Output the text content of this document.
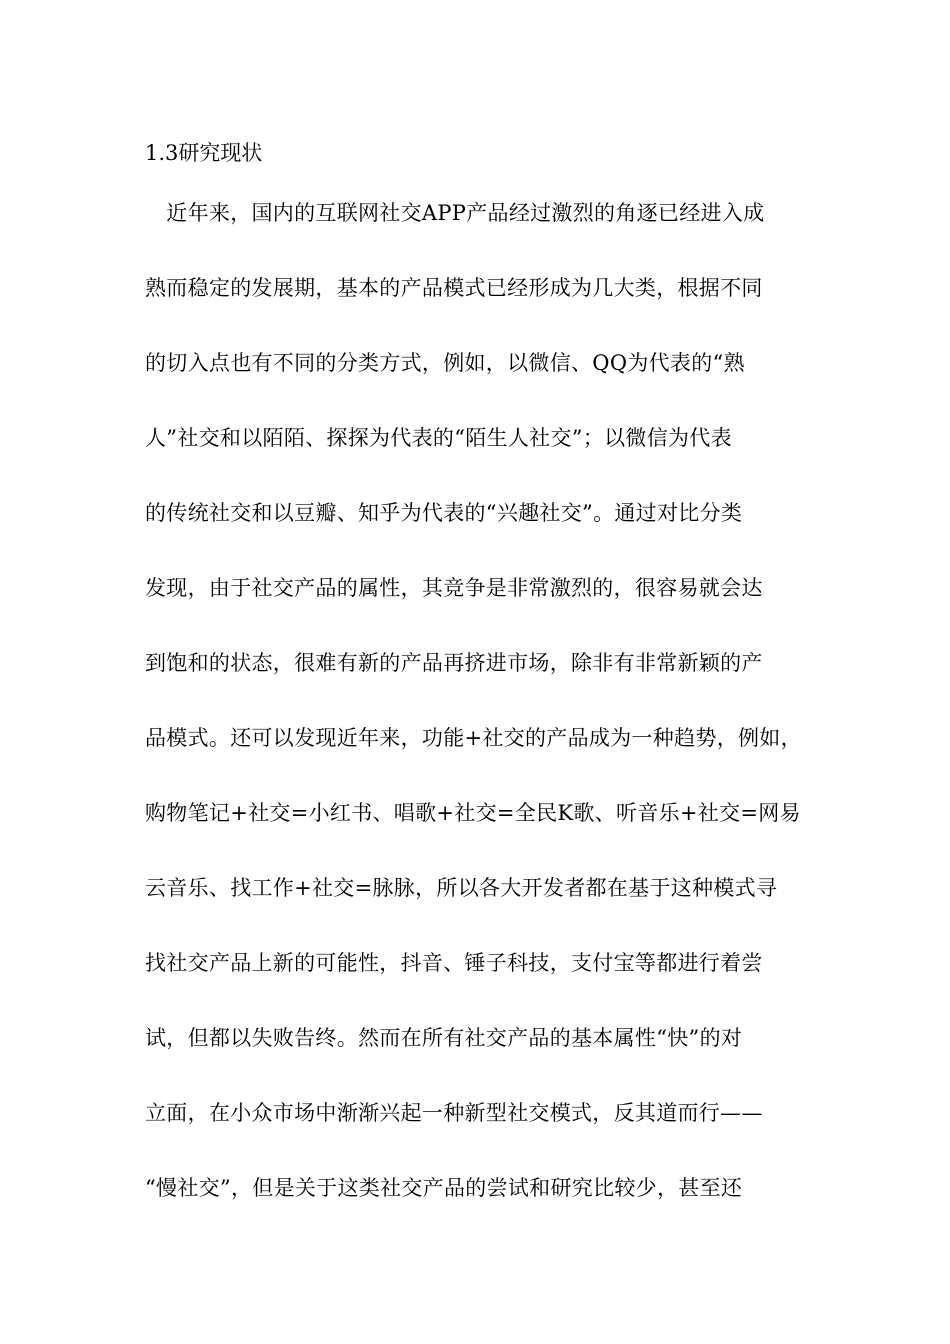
1.3研究现状
　近年来，国内的互联网社交APP产品经过激烈的角逐已经进入成
熟而稳定的发展期，基本的产品模式已经形成为几大类，根据不同
的切入点也有不同的分类方式，例如，以微信、QQ为代表的“熟
人”社交和以陌陌、探探为代表的“陌生人社交”；以微信为代表
的传统社交和以豆瓣、知乎为代表的“兴趣社交”。通过对比分类
发现，由于社交产品的属性，其竞争是非常激烈的，很容易就会达
到饱和的状态，很难有新的产品再挤进市场，除非有非常新颖的产
品模式。还可以发现近年来，功能+社交的产品成为一种趋势，例如，
购物笔记+社交=小红书、唱歌+社交=全民K歌、听音乐+社交=网易
云音乐、找工作+社交=脉脉，所以各大开发者都在基于这种模式寻
找社交产品上新的可能性，抖音、锤子科技，支付宝等都进行着尝
试，但都以失败告终。然而在所有社交产品的基本属性“快”的对
立面，在小众市场中渐渐兴起一种新型社交模式，反其道而行——
“慢社交”，但是关于这类社交产品的尝试和研究比较少，甚至还
